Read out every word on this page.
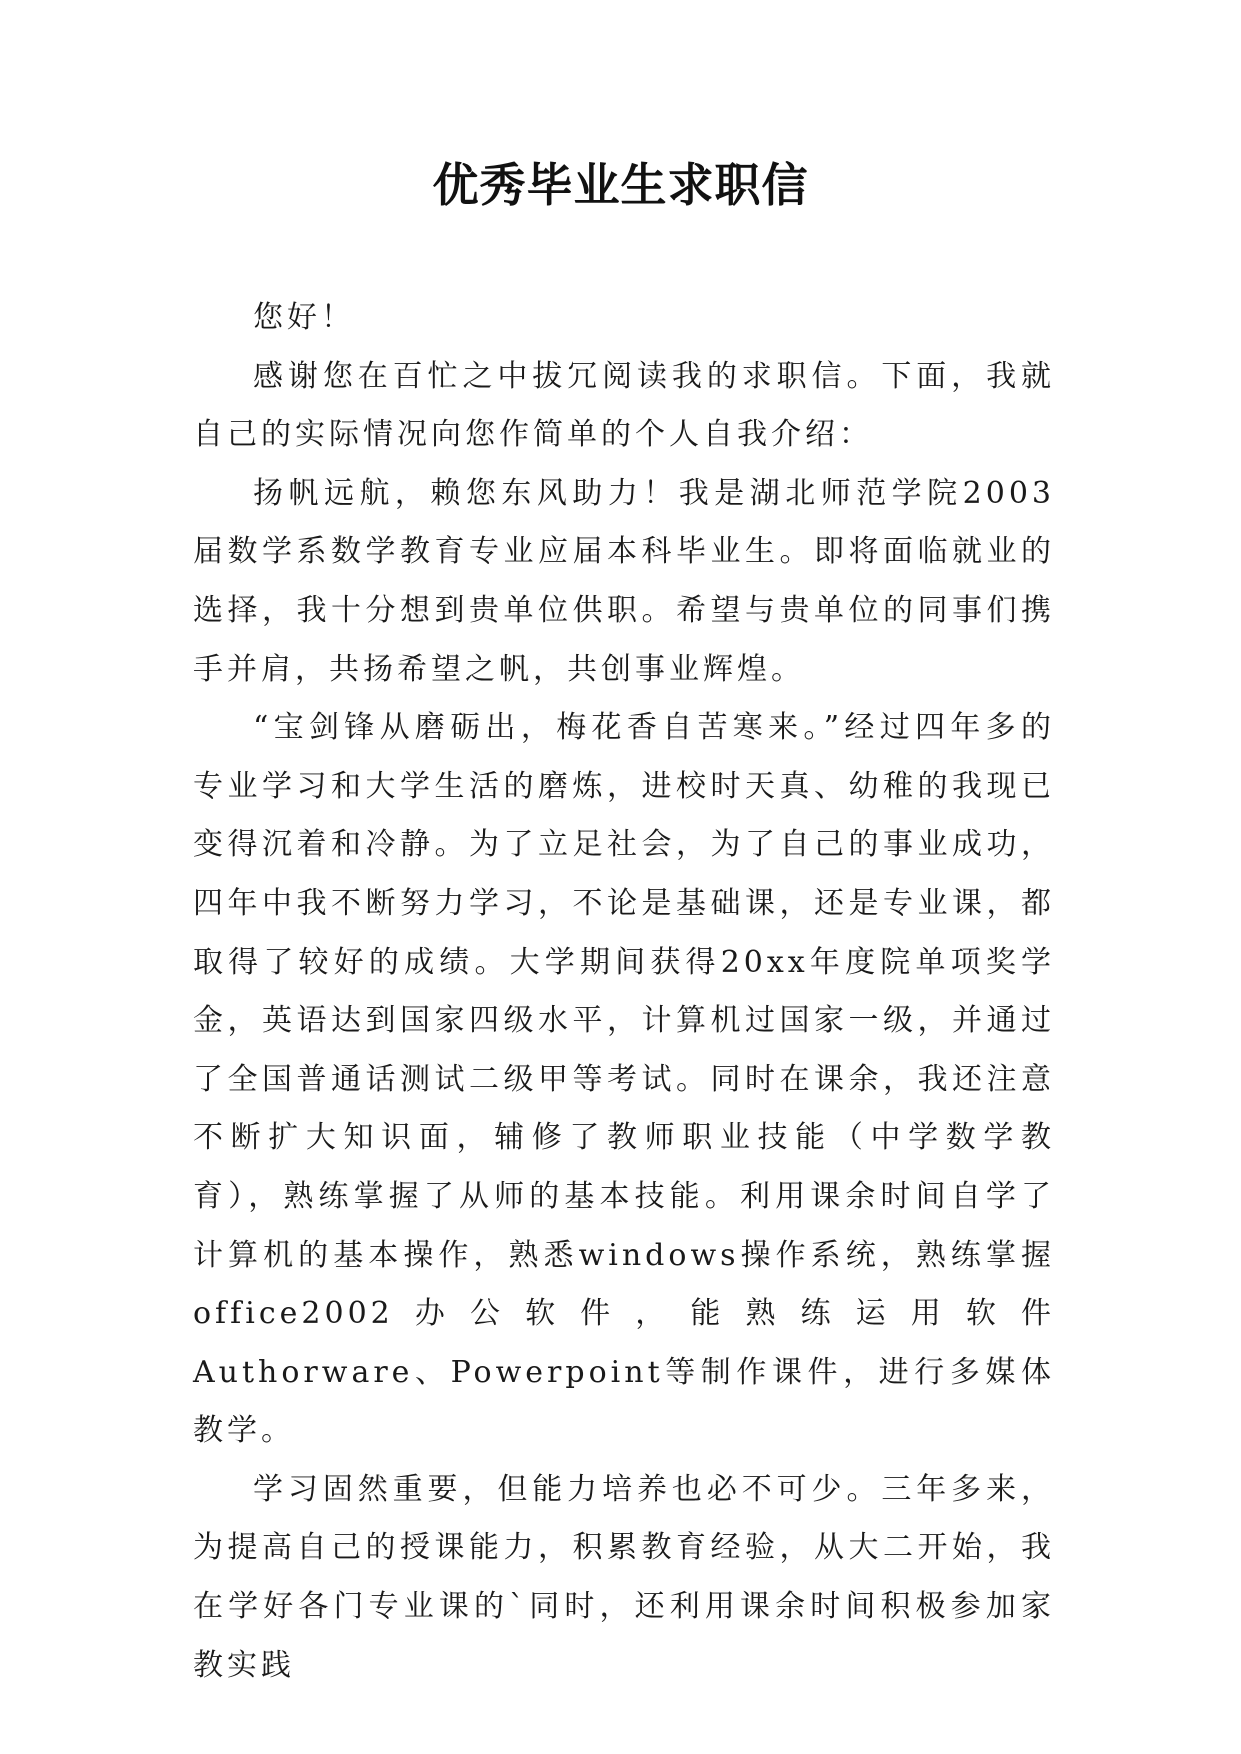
优秀毕业生求职信

您好！

感谢您在百忙之中拔冗阅读我的求职信。下面，我就自己的实际情况向您作简单的个人自我介绍：

扬帆远航，赖您东风助力！我是湖北师范学院2003届数学系数学教育专业应届本科毕业生。即将面临就业的选择，我十分想到贵单位供职。希望与贵单位的同事们携手并肩，共扬希望之帆，共创事业辉煌。

“宝剑锋从磨砺出，梅花香自苦寒来。”经过四年多的专业学习和大学生活的磨炼，进校时天真、幼稚的我现已变得沉着和冷静。为了立足社会，为了自己的事业成功，四年中我不断努力学习，不论是基础课，还是专业课，都取得了较好的成绩。大学期间获得20xx年度院单项奖学金，英语达到国家四级水平，计算机过国家一级，并通过了全国普通话测试二级甲等考试。同时在课余，我还注意不断扩大知识面，辅修了教师职业技能（中学数学教育），熟练掌握了从师的基本技能。利用课余时间自学了计算机的基本操作，熟悉windows操作系统，熟练掌握office2002办公软件，能熟练运用软件Authorware、Powerpoint等制作课件，进行多媒体教学。

学习固然重要，但能力培养也必不可少。三年多来，为提高自己的授课能力，积累教育经验，从大二开始，我在学好各门专业课的`同时，还利用课余时间积极参加家教实践
